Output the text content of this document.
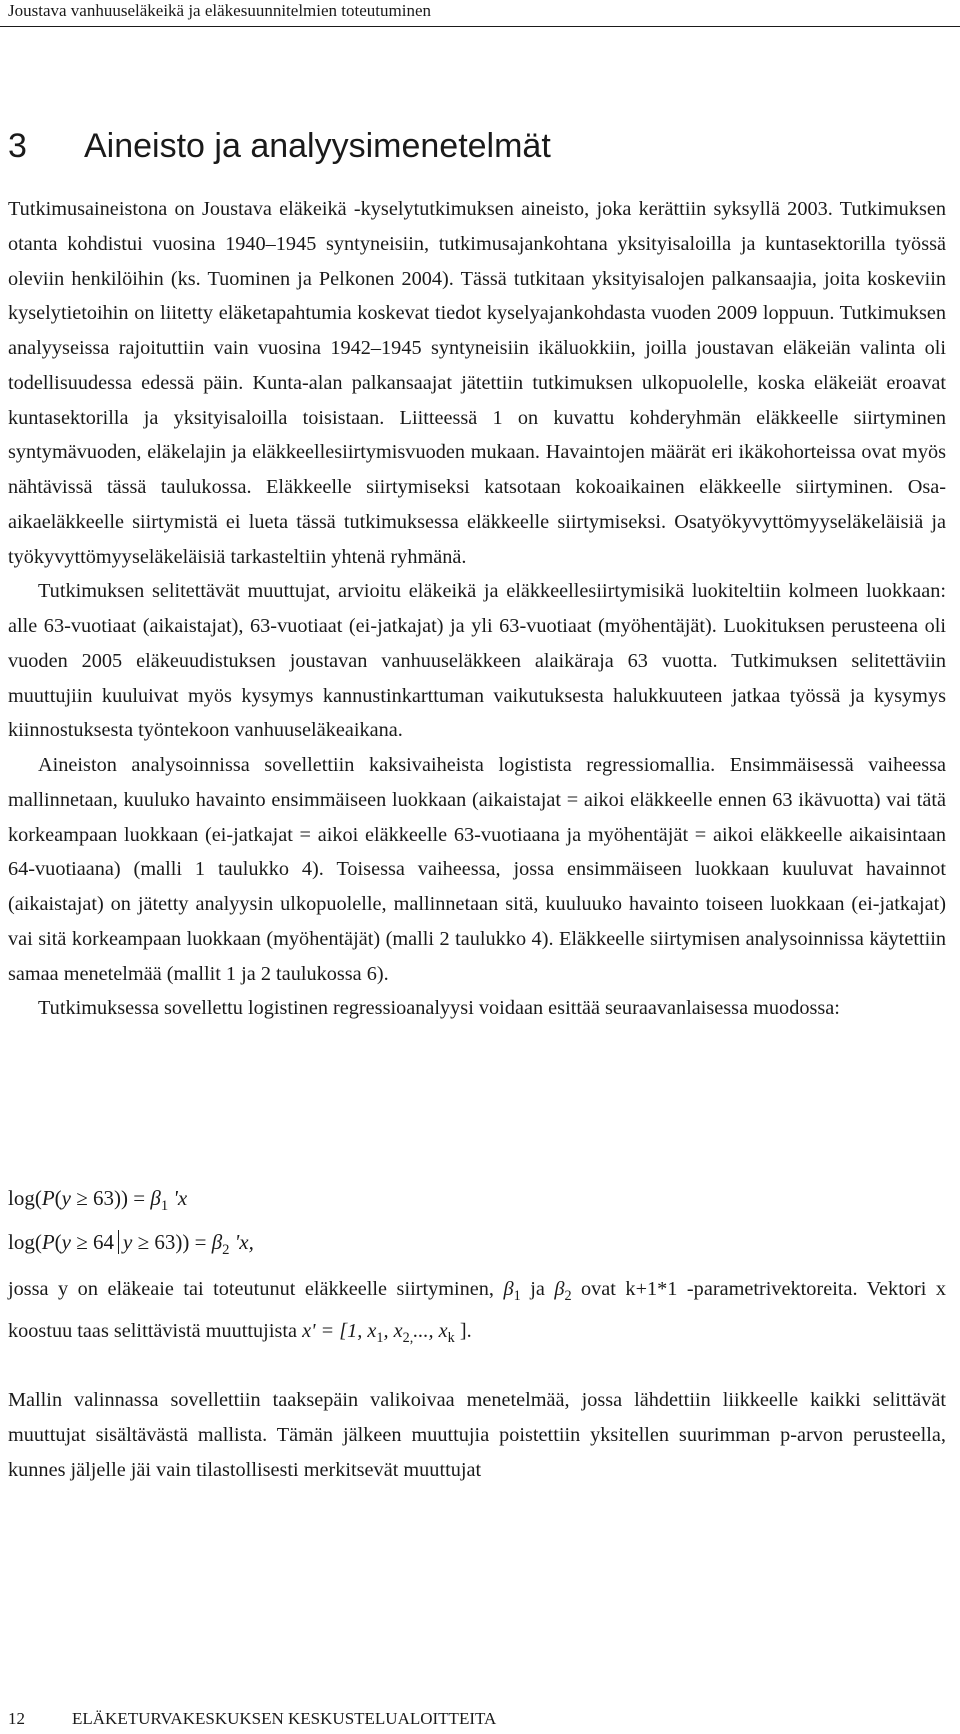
Joustava vanhuuseläkeikä ja eläkesuunnitelmien toteutuminen
3 Aineisto ja analyysimenetelmät

Tutkimusaineistona on Joustava eläkeikä -kyselytutkimuksen aineisto, joka kerättiin syksyllä 2003. Tutkimuksen otanta kohdistui vuosina 1940–1945 syntyneisiin, tutkimusajankohtana yksityisaloilla ja kuntasektorilla työssä oleviin henkilöihin (ks. Tuominen ja Pelkonen 2004). Tässä tutkitaan yksityisalojen palkansaajia, joita koskeviin kyselytietoihin on liitetty eläketapahtumia koskevat tiedot kyselyajankohdasta vuoden 2009 loppuun. Tutkimuksen analyyseissa rajoituttiin vain vuosina 1942–1945 syntyneisiin ikäluokkiin, joilla joustavan eläkeiän valinta oli todellisuudessa edessä päin. Kunta-alan palkansaajat jätettiin tutkimuksen ulkopuolelle, koska eläkeiät eroavat kuntasektorilla ja yksityisaloilla toisistaan. Liitteessä 1 on kuvattu kohderyhmän eläkkeelle siirtyminen syntymävuoden, eläkelajin ja eläkkeellesiirtymisvuoden mukaan. Havaintojen määrät eri ikäkohorteissa ovat myös nähtävissä tässä taulukossa. Eläkkeelle siirtymiseksi katsotaan kokoaikainen eläkkeelle siirtyminen. Osa-aikaeläkkeelle siirtymistä ei lueta tässä tutkimuksessa eläkkeelle siirtymiseksi. Osatyökyvyttömyyseläkeläisiä ja työkyvyttömyyseläkeläisiä tarkasteltiin yhtenä ryhmänä.

Tutkimuksen selitettävät muuttujat, arvioitu eläkeikä ja eläkkeellesiirtymisikä luokiteltiin kolmeen luokkaan: alle 63-vuotiaat (aikaistajat), 63-vuotiaat (ei-jatkajat) ja yli 63-vuotiaat (myöhentäjät). Luokituksen perusteena oli vuoden 2005 eläkeuudistuksen joustavan vanhuuseläkkeen alaikäraja 63 vuotta. Tutkimuksen selitettäviin muuttujiin kuuluivat myös kysymys kannustinkarttuman vaikutuksesta halukkuuteen jatkaa työssä ja kysymys kiinnostuksesta työntekoon vanhuuseläkeaikana.

Aineiston analysoinnissa sovellettiin kaksivaiheista logistista regressiomallia. Ensimmäisessä vaiheessa mallinnetaan, kuuluko havainto ensimmäiseen luokkaan (aikaistajat = aikoi eläkkeelle ennen 63 ikävuotta) vai tätä korkeampaan luokkaan (ei-jatkajat = aikoi eläkkeelle 63-vuotiaana ja myöhentäjät = aikoi eläkkeelle aikaisintaan 64-vuotiaana) (malli 1 taulukko 4). Toisessa vaiheessa, jossa ensimmäiseen luokkaan kuuluvat havainnot (aikaistajat) on jätetty analyysin ulkopuolelle, mallinnetaan sitä, kuuluuko havainto toiseen luokkaan (ei-jatkajat) vai sitä korkeampaan luokkaan (myöhentäjät) (malli 2 taulukko 4). Eläkkeelle siirtymisen analysoinnissa käytettiin samaa menetelmää (mallit 1 ja 2 taulukossa 6).

Tutkimuksessa sovellettu logistinen regressioanalyysi voidaan esittää seuraavanlaisessa muodossa:

$\log(P(y \ge 63)) = \beta_1$ 'x
log(P(y ≥ 64 $y \ge 63)) = \beta_2$ 'x,

jossa y on eläkeaie tai toteutunut eläkkeelle siirtyminen, $\beta_1$ ja $\beta_2$ ovat k+1*1 -parametrivektoreita. Vektori x koostuu taas selittävistä muuttujista x' = [1, $x_1$, $x_{2,}$..., $x_k$ ].

Mallin valinnassa sovellettiin taaksepäin valikoivaa menetelmää, jossa lähdettiin liikkeelle kaikki selittävät muuttujat sisältävästä mallista. Tämän jälkeen muuttujia poistettiin yksitellen suurimman p-arvon perusteella, kunnes jäljelle jäi vain tilastollisesti merkitsevät muuttujat

12	ELÄKETURVAKESKUKSEN KESKUSTELUALOITTEITA
